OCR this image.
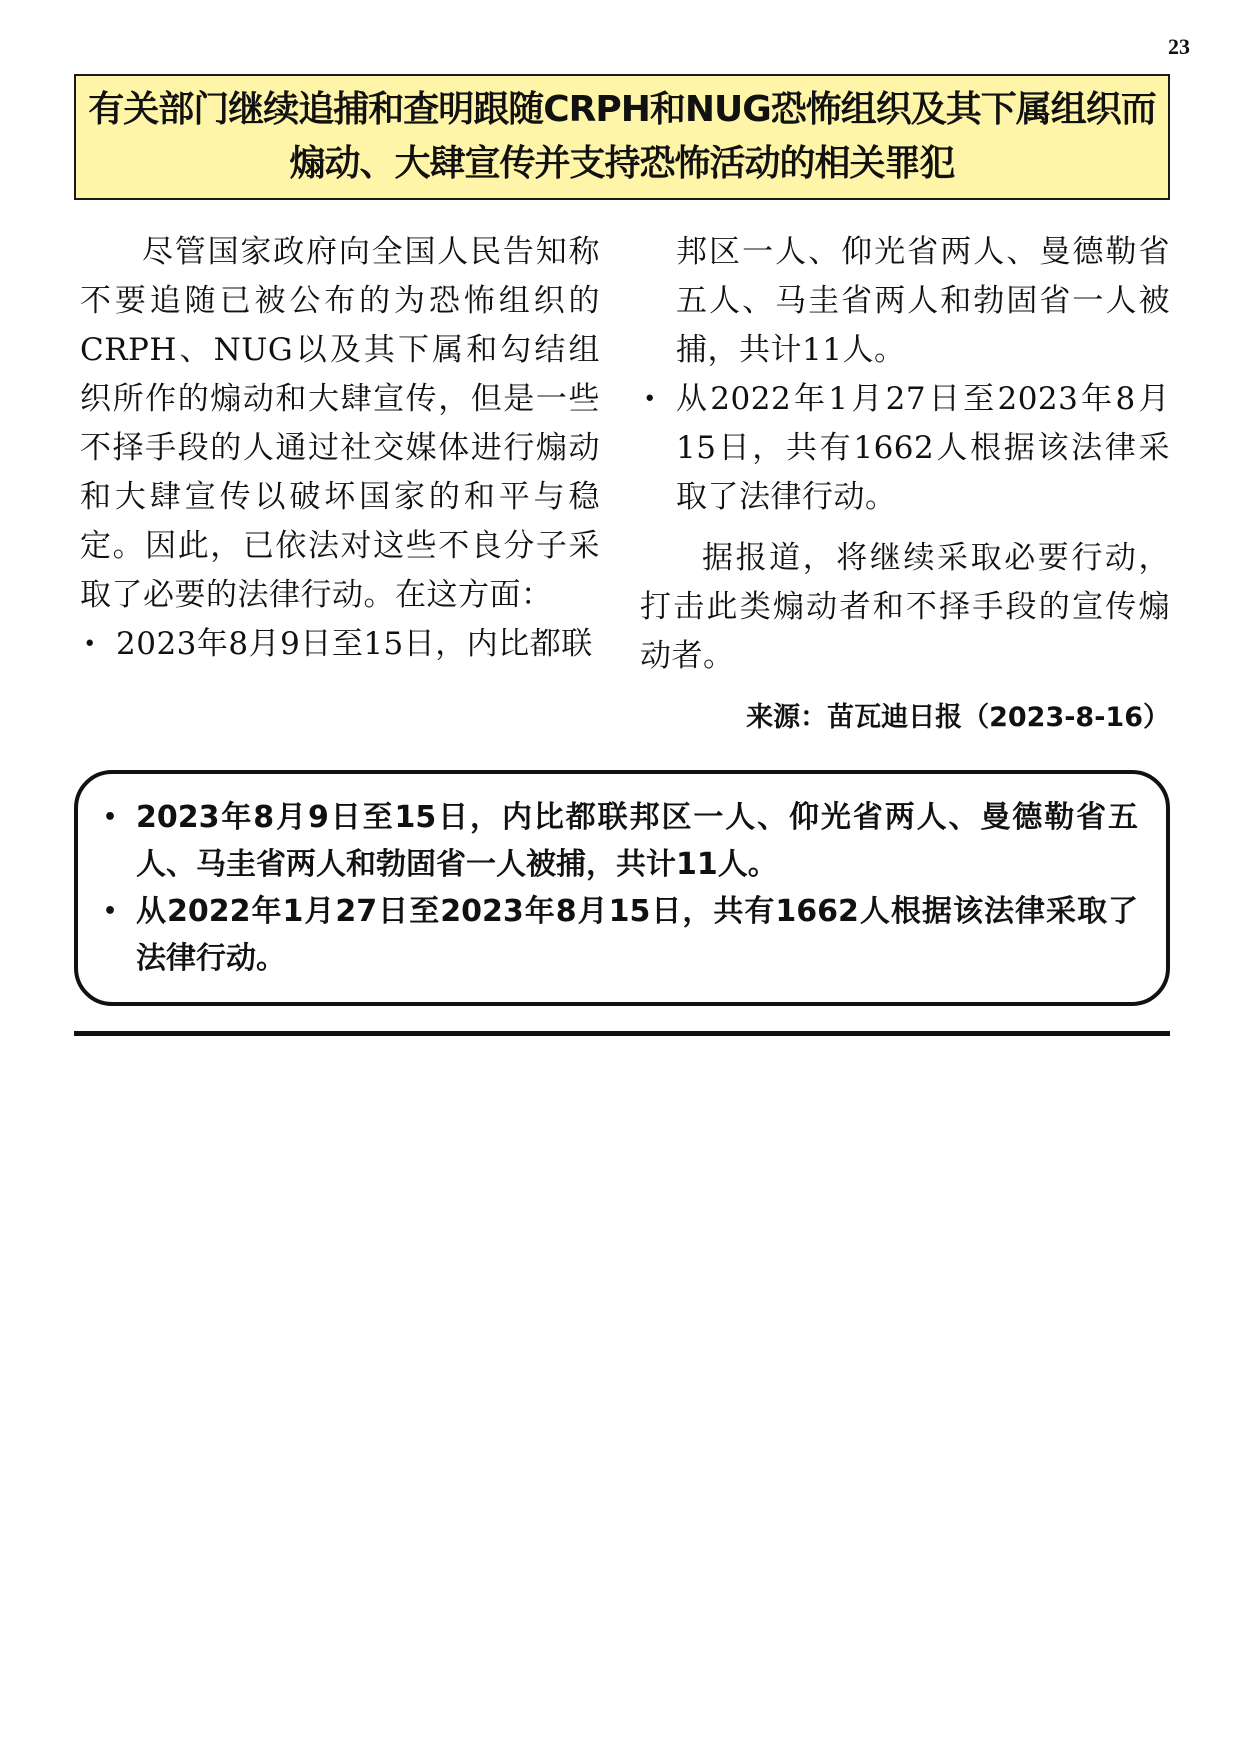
23
有关部门继续追捕和查明跟随CRPH和NUG恐怖组织及其下属组织而
煽动、大肆宣传并支持恐怖活动的相关罪犯

尽管国家政府向全国人民告知称不要追随已被公布的为恐怖组织的CRPH、NUG以及其下属和勾结组织所作的煽动和大肆宣传，但是一些不择手段的人通过社交媒体进行煽动和大肆宣传以破坏国家的和平与稳定。因此，已依法对这些不良分子采取了必要的法律行动。在这方面：

• 2023年8月9日至15日，内比都联

邦区一人、仰光省两人、曼德勒省五人、马圭省两人和勃固省一人被捕，共计11人。

• 从2022年1月27日至2023年8月15日，共有1662人根据该法律采取了法律行动。

据报道，将继续采取必要行动，打击此类煽动者和不择手段的宣传煽动者。

来源：苗瓦迪日报（2023-8-16）
• 2023年8月9日至15日，内比都联邦区一人、仰光省两人、曼德勒省五人、马圭省两人和勃固省一人被捕，共计11人。
• 从2022年1月27日至2023年8月15日，共有1662人根据该法律采取了法律行动。
